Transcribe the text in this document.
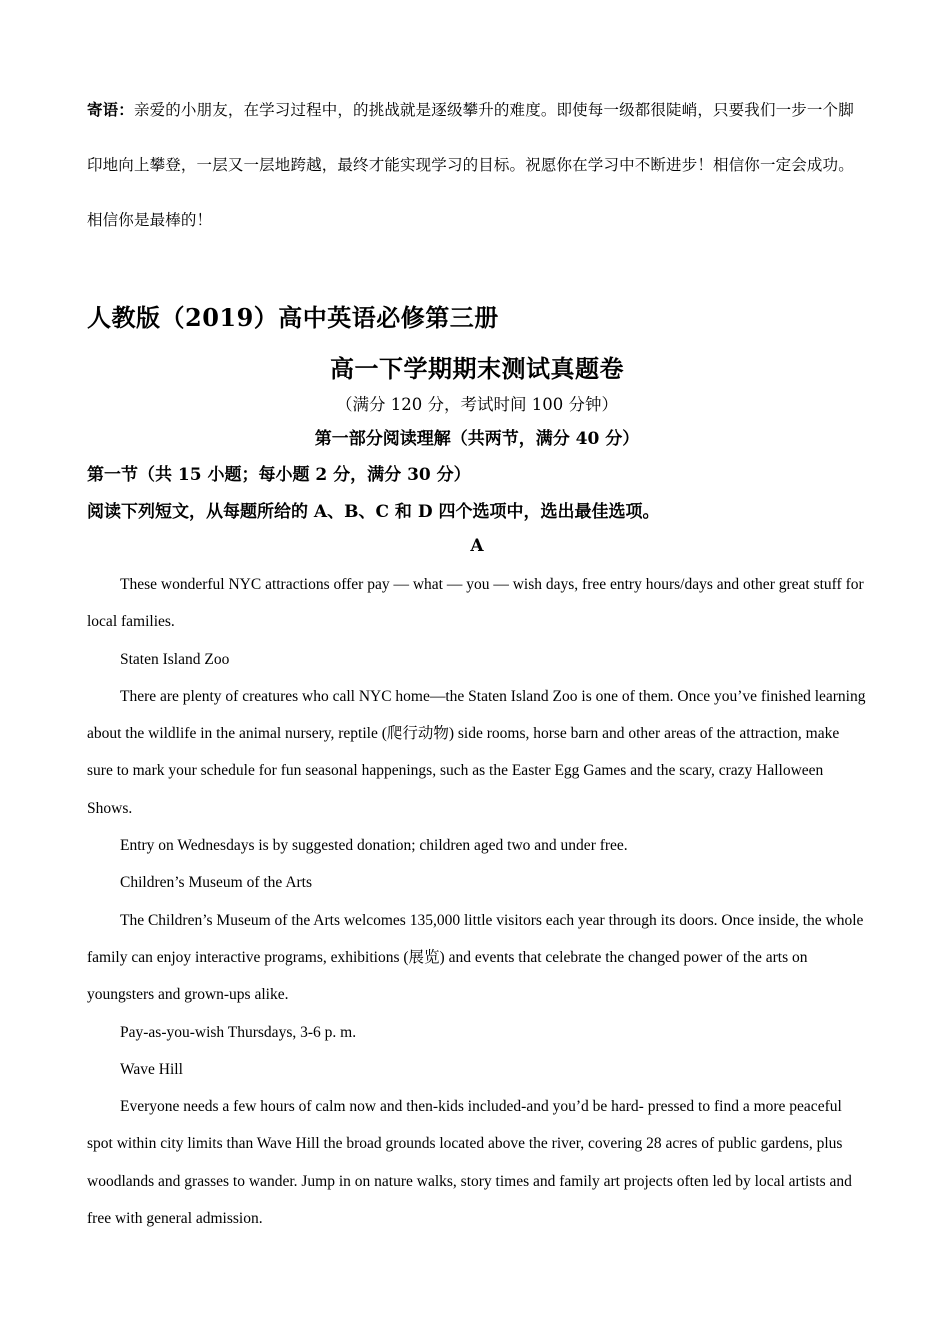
寄语：亲爱的小朋友，在学习过程中，的挑战就是逐级攀升的难度。即使每一级都很陡峭，只要我们一步一个脚印地向上攀登，一层又一层地跨越，最终才能实现学习的目标。祝愿你在学习中不断进步！相信你一定会成功。相信你是最棒的！
人教版（2019）高中英语必修第三册
高一下学期期末测试真题卷
（满分 120 分，考试时间 100 分钟）
第一部分阅读理解（共两节，满分 40 分）
第一节（共 15 小题；每小题 2 分，满分 30 分）
阅读下列短文，从每题所给的 A、B、C 和 D 四个选项中，选出最佳选项。
A

These wonderful NYC attractions offer pay — what — you — wish days, free entry hours/days and other great stuff for local families.

Staten Island Zoo

There are plenty of creatures who call NYC home—the Staten Island Zoo is one of them. Once you’ve finished learning about the wildlife in the animal nursery, reptile (爬行动物) side rooms, horse barn and other areas of the attraction, make sure to mark your schedule for fun seasonal happenings, such as the Easter Egg Games and the scary, crazy Halloween Shows.

Entry on Wednesdays is by suggested donation; children aged two and under free.

Children’s Museum of the Arts

The Children’s Museum of the Arts welcomes 135,000 little visitors each year through its doors. Once inside, the whole family can enjoy interactive programs, exhibitions (展览) and events that celebrate the changed power of the arts on youngsters and grown-ups alike.

Pay-as-you-wish Thursdays, 3-6 p. m.

Wave Hill

Everyone needs a few hours of calm now and then-kids included-and you’d be hard- pressed to find a more peaceful spot within city limits than Wave Hill the broad grounds located above the river, covering 28 acres of public gardens, plus woodlands and grasses to wander. Jump in on nature walks, story times and family art projects often led by local artists and free with general admission.
